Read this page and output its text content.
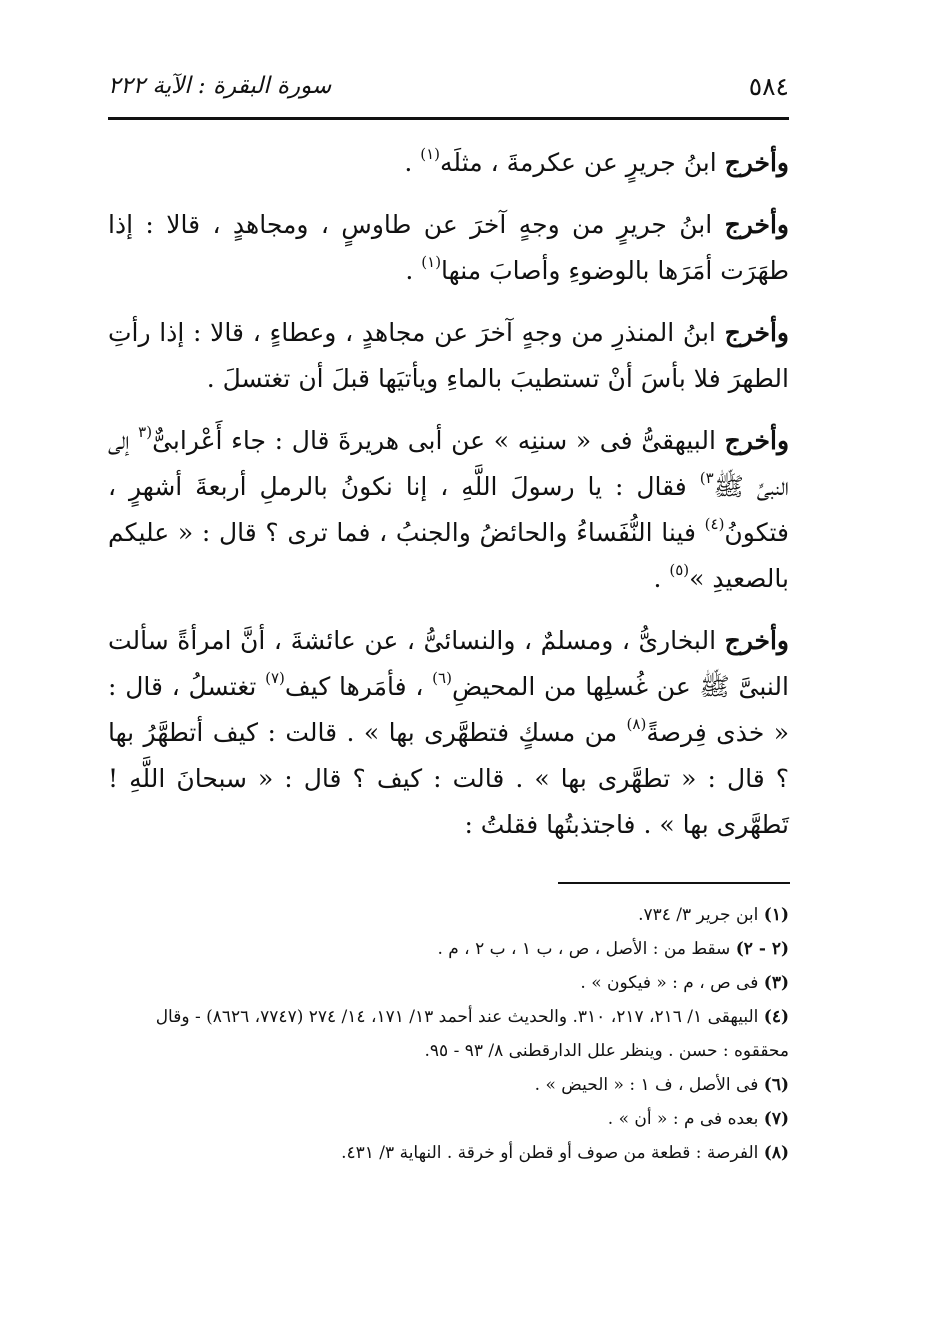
٥٨٤
سورة البقرة : الآية ٢٢٢

وأخرج ابنُ جريرٍ عن عكرمةَ ، مثلَه$^{(١)}$ .

وأخرج ابنُ جريرٍ من وجهٍ آخرَ عن طاوسٍ ، ومجاهدٍ ، قالا : إذا طهَرَت أمَرَها بالوضوءِ وأصابَ منها$^{(١)}$ .

وأخرج ابنُ المنذرِ من وجهٍ آخرَ عن مجاهدٍ ، وعطاءٍ ، قالا : إذا رأتِ الطهرَ فلا بأسَ أنْ تستطيبَ بالماءِ ويأتيَها قبلَ أن تغتسلَ .

وأخرج البيهقىُّ فى « سننِه » عن أبى هريرةَ قال : جاء أَعْرابىٌّ$^{(٣}$ إلى النبىِّ ﷺ$^{٣)}$ فقال : يا رسولَ اللَّهِ ، إنا نكونُ بالرملِ أربعةَ أشهرٍ ، فتكونُ$^{(٤)}$ فينا النُّفَساءُ والحائضُ والجنبُ ، فما ترى ؟ قال : « عليكم بالصعيدِ »$^{(٥)}$ .

وأخرج البخارىُّ ، ومسلمٌ ، والنسائىُّ ، عن عائشةَ ، أنَّ امرأةً سألت النبىَّ ﷺ عن غُسلِها من المحيضِ$^{(٦)}$ ، فأمَرها كيف$^{(٧)}$ تغتسلُ ، قال : « خذى فِرصةً$^{(٨)}$ من مسكٍ فتطهَّرى بها » . قالت : كيف أتطهَّرُ بها ؟ قال : « تطهَّرى بها » . قالت : كيف ؟ قال : « سبحانَ اللَّهِ ! تَطهَّرى بها » . فاجتذبتُها فقلتُ :

(١) ابن جرير ٣/ ٧٣٤.

(٢ - ٢) سقط من : الأصل ، ص ، ب ١ ، ب ٢ ، م .

(٣) فى ص ، م : « فيكون » .

(٤) البيهقى ١/ ٢١٦، ٢١٧، ٣١٠. والحديث عند أحمد ١٣/ ١٧١، ١٤/ ٢٧٤ (٧٧٤٧، ٨٦٢٦) - وقال محققوه : حسن . وينظر علل الدارقطنى ٨/ ٩٣ - ٩٥.

(٦) فى الأصل ، ف ١ : « الحيض » .

(٧) بعده فى م : « أن » .

(٨) الفرصة : قطعة من صوف أو قطن أو خرقة . النهاية ٣/ ٤٣١.
